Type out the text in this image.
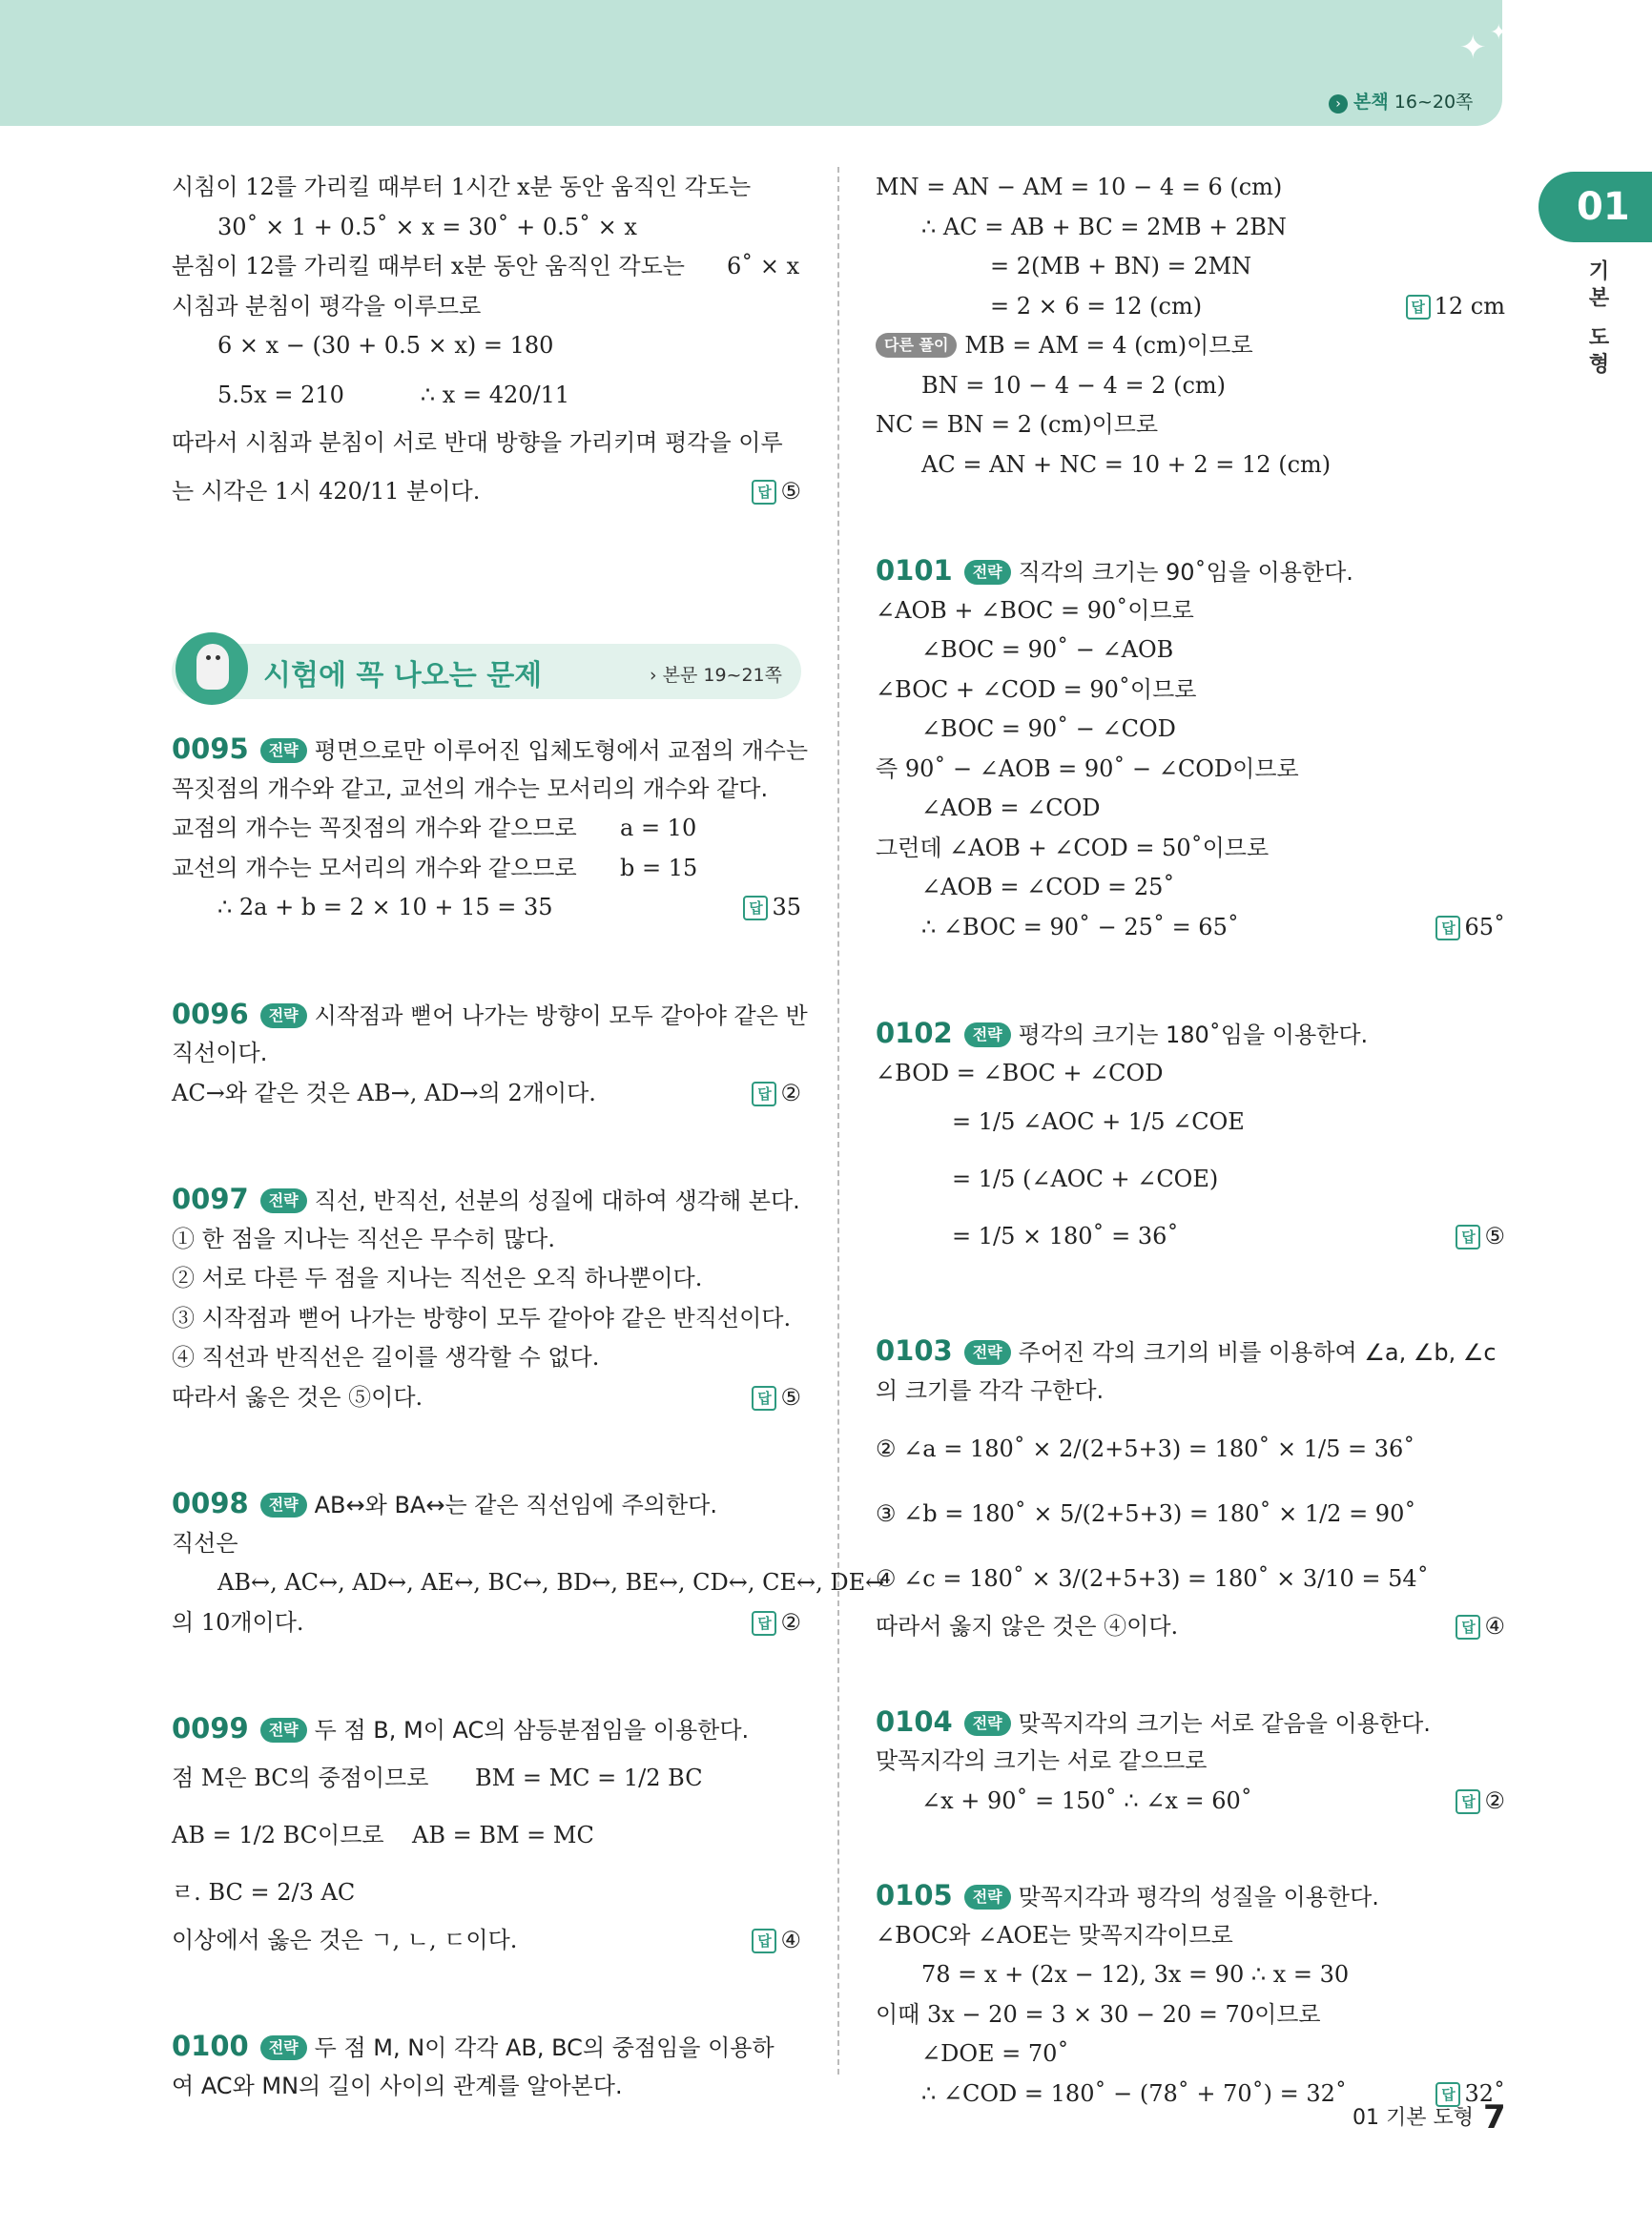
✦ ✦
› 본책 16~20쪽
01
기본 도형
시침이 12를 가리킬 때부터 1시간 x분 동안 움직인 각도는
30˚ × 1 + 0.5˚ × x = 30˚ + 0.5˚ × x
분침이 12를 가리킬 때부터 x분 동안 움직인 각도는 6˚ × x
시침과 분침이 평각을 이루므로
6 × x − (30 + 0.5 × x) = 180
5.5x = 210	∴ x = 420/11
따라서 시침과 분침이 서로 반대 방향을 가리키며 평각을 이루
는 시각은 1시 420/11 분이다.	답 ⑤
시험에 꼭 나오는 문제	› 본문 19~21쪽
0095 전략 평면으로만 이루어진 입체도형에서 교점의 개수는
꼭짓점의 개수와 같고, 교선의 개수는 모서리의 개수와 같다.
교점의 개수는 꼭짓점의 개수와 같으므로 a = 10
교선의 개수는 모서리의 개수와 같으므로 b = 15
∴ 2a + b = 2 × 10 + 15 = 35	답 35
0096 전략 시작점과 뻗어 나가는 방향이 모두 같아야 같은 반
직선이다.
AC→와 같은 것은 AB→, AD→의 2개이다.	답 ②
0097 전략 직선, 반직선, 선분의 성질에 대하여 생각해 본다.
① 한 점을 지나는 직선은 무수히 많다.
② 서로 다른 두 점을 지나는 직선은 오직 하나뿐이다.
③ 시작점과 뻗어 나가는 방향이 모두 같아야 같은 반직선이다.
④ 직선과 반직선은 길이를 생각할 수 없다.
따라서 옳은 것은 ⑤이다.	답 ⑤
0098 전략 AB↔와 BA↔는 같은 직선임에 주의한다.
직선은
AB↔, AC↔, AD↔, AE↔, BC↔, BD↔, BE↔, CD↔, CE↔, DE↔
의 10개이다.	답 ②
0099 전략 두 점 B, M이 AC의 삼등분점임을 이용한다.
점 M은 BC의 중점이므로 BM = MC = 1/2 BC
AB = 1/2 BC이므로 AB = BM = MC
ㄹ. BC = 2/3 AC
이상에서 옳은 것은 ㄱ, ㄴ, ㄷ이다.	답 ④
0100 전략 두 점 M, N이 각각 AB, BC의 중점임을 이용하
여 AC와 MN의 길이 사이의 관계를 알아본다.
MN = AN − AM = 10 − 4 = 6 (cm)
∴ AC = AB + BC = 2MB + 2BN
= 2(MB + BN) = 2MN
= 2 × 6 = 12 (cm)	답 12 cm
다른 풀이 MB = AM = 4 (cm)이므로
BN = 10 − 4 − 4 = 2 (cm)
NC = BN = 2 (cm)이므로
AC = AN + NC = 10 + 2 = 12 (cm)
0101 전략 직각의 크기는 90˚임을 이용한다.
∠AOB + ∠BOC = 90˚이므로
∠BOC = 90˚ − ∠AOB
∠BOC + ∠COD = 90˚이므로
∠BOC = 90˚ − ∠COD
즉 90˚ − ∠AOB = 90˚ − ∠COD이므로
∠AOB = ∠COD
그런데 ∠AOB + ∠COD = 50˚이므로
∠AOB = ∠COD = 25˚
∴ ∠BOC = 90˚ − 25˚ = 65˚	답 65˚
0102 전략 평각의 크기는 180˚임을 이용한다.
∠BOD = ∠BOC + ∠COD
= 1/5 ∠AOC + 1/5 ∠COE
= 1/5 (∠AOC + ∠COE)
= 1/5 × 180˚ = 36˚	답 ⑤
0103 전략 주어진 각의 크기의 비를 이용하여 ∠a, ∠b, ∠c
의 크기를 각각 구한다.
② ∠a = 180˚ × 2/(2+5+3) = 180˚ × 1/5 = 36˚
③ ∠b = 180˚ × 5/(2+5+3) = 180˚ × 1/2 = 90˚
④ ∠c = 180˚ × 3/(2+5+3) = 180˚ × 3/10 = 54˚
따라서 옳지 않은 것은 ④이다.	답 ④
0104 전략 맞꼭지각의 크기는 서로 같음을 이용한다.
맞꼭지각의 크기는 서로 같으므로
∠x + 90˚ = 150˚ ∴ ∠x = 60˚	답 ②
0105 전략 맞꼭지각과 평각의 성질을 이용한다.
∠BOC와 ∠AOE는 맞꼭지각이므로
78 = x + (2x − 12), 3x = 90 ∴ x = 30
이때 3x − 20 = 3 × 30 − 20 = 70이므로
∠DOE = 70˚
∴ ∠COD = 180˚ − (78˚ + 70˚) = 32˚	답 32˚
01 기본 도형 7
